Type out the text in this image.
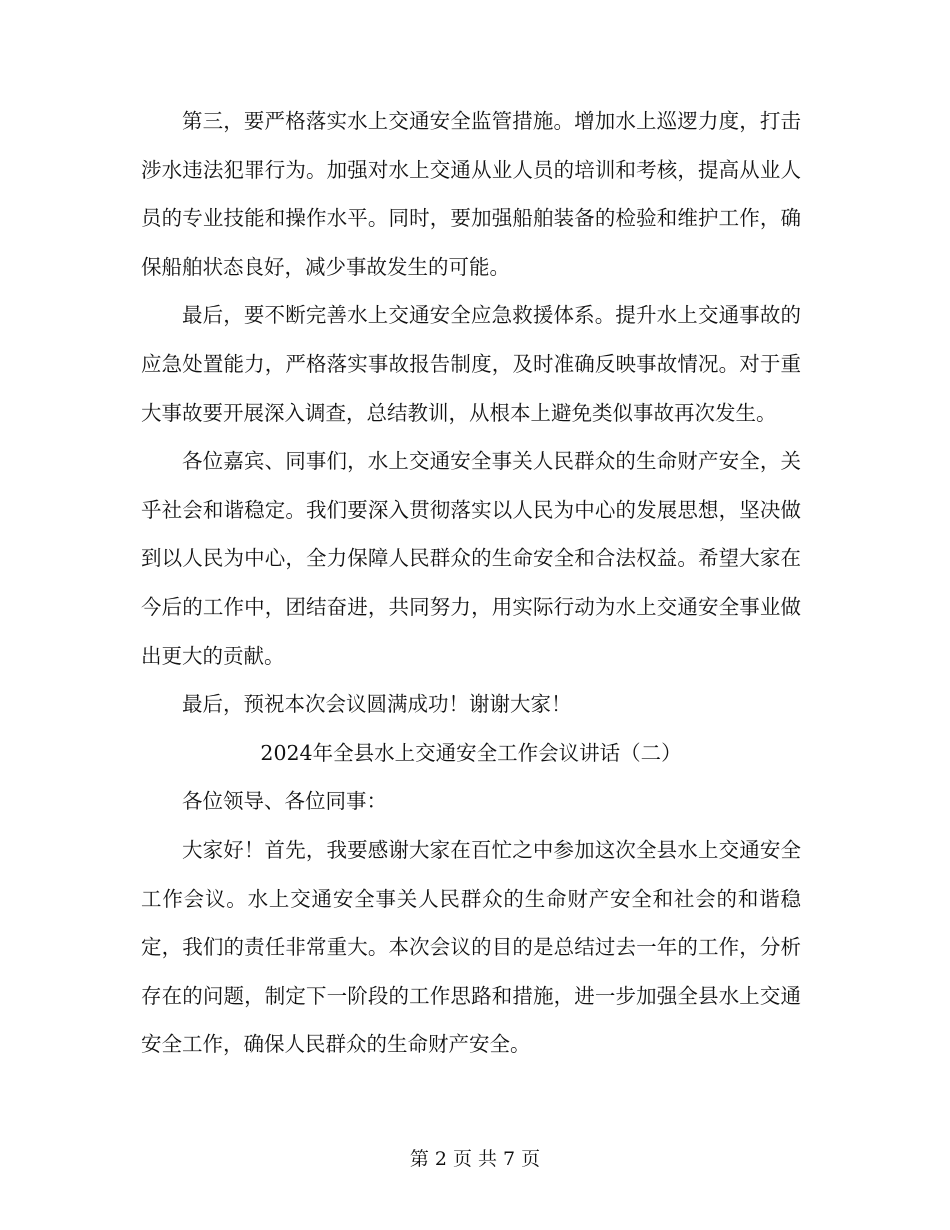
第三，要严格落实水上交通安全监管措施。增加水上巡逻力度，打击涉水违法犯罪行为。加强对水上交通从业人员的培训和考核，提高从业人员的专业技能和操作水平。同时，要加强船舶装备的检验和维护工作，确保船舶状态良好，减少事故发生的可能。

最后，要不断完善水上交通安全应急救援体系。提升水上交通事故的应急处置能力，严格落实事故报告制度，及时准确反映事故情况。对于重大事故要开展深入调查，总结教训，从根本上避免类似事故再次发生。

各位嘉宾、同事们，水上交通安全事关人民群众的生命财产安全，关乎社会和谐稳定。我们要深入贯彻落实以人民为中心的发展思想，坚决做到以人民为中心，全力保障人民群众的生命安全和合法权益。希望大家在今后的工作中，团结奋进，共同努力，用实际行动为水上交通安全事业做出更大的贡献。

最后，预祝本次会议圆满成功！谢谢大家！

2024年全县水上交通安全工作会议讲话（二）

各位领导、各位同事：

大家好！首先，我要感谢大家在百忙之中参加这次全县水上交通安全工作会议。水上交通安全事关人民群众的生命财产安全和社会的和谐稳定，我们的责任非常重大。本次会议的目的是总结过去一年的工作，分析存在的问题，制定下一阶段的工作思路和措施，进一步加强全县水上交通安全工作，确保人民群众的生命财产安全。

第 2 页 共 7 页
